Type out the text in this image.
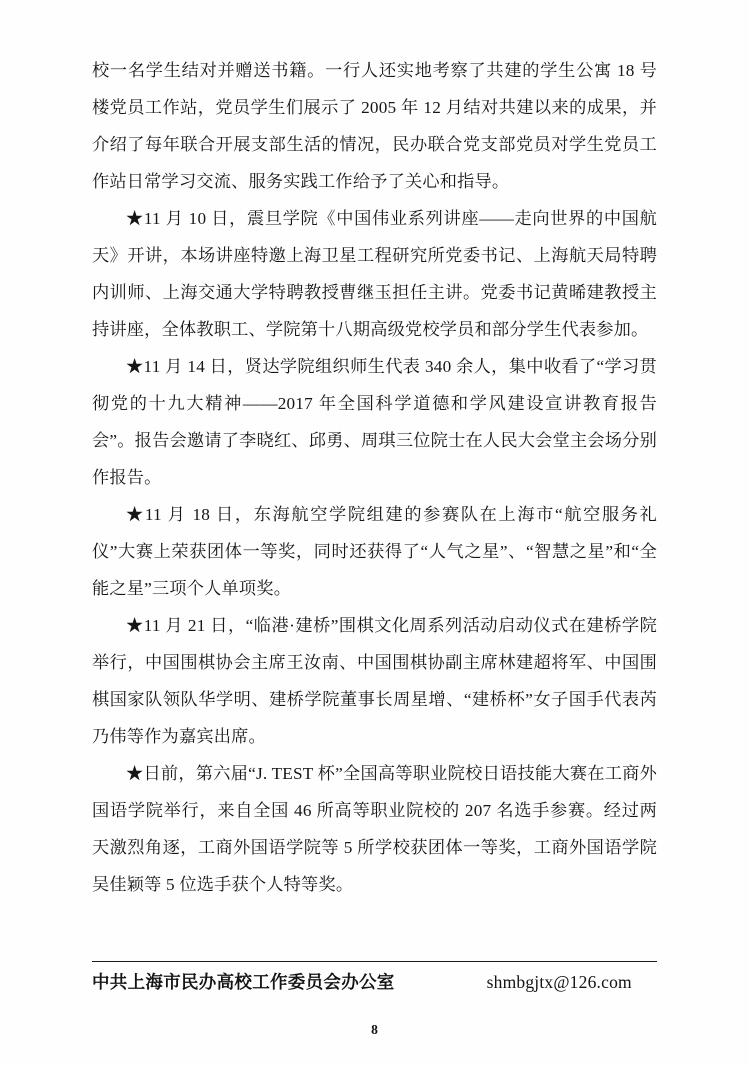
校一名学生结对并赠送书籍。一行人还实地考察了共建的学生公寓 18 号楼党员工作站，党员学生们展示了 2005 年 12 月结对共建以来的成果，并介绍了每年联合开展支部生活的情况，民办联合党支部党员对学生党员工作站日常学习交流、服务实践工作给予了关心和指导。

★11 月 10 日，震旦学院《中国伟业系列讲座——走向世界的中国航天》开讲，本场讲座特邀上海卫星工程研究所党委书记、上海航天局特聘内训师、上海交通大学特聘教授曹继玉担任主讲。党委书记黄晞建教授主持讲座，全体教职工、学院第十八期高级党校学员和部分学生代表参加。

★11 月 14 日，贤达学院组织师生代表 340 余人，集中收看了“学习贯彻党的十九大精神——2017 年全国科学道德和学风建设宣讲教育报告会”。报告会邀请了李晓红、邱勇、周琪三位院士在人民大会堂主会场分别作报告。

★11 月 18 日，东海航空学院组建的参赛队在上海市“航空服务礼仪”大赛上荣获团体一等奖，同时还获得了“人气之星”、“智慧之星”和“全能之星”三项个人单项奖。

★11 月 21 日，“临港·建桥”围棋文化周系列活动启动仪式在建桥学院举行，中国围棋协会主席王汝南、中国围棋协副主席林建超将军、中国围棋国家队领队华学明、建桥学院董事长周星增、“建桥杯”女子国手代表芮乃伟等作为嘉宾出席。

★日前，第六届“J. TEST 杯”全国高等职业院校日语技能大赛在工商外国语学院举行，来自全国 46 所高等职业院校的 207 名选手参赛。经过两天激烈角逐，工商外国语学院等 5 所学校获团体一等奖，工商外国语学院吴佳颖等 5 位选手获个人特等奖。

中共上海市民办高校工作委员会办公室	shmbgjtx@126.com
8
